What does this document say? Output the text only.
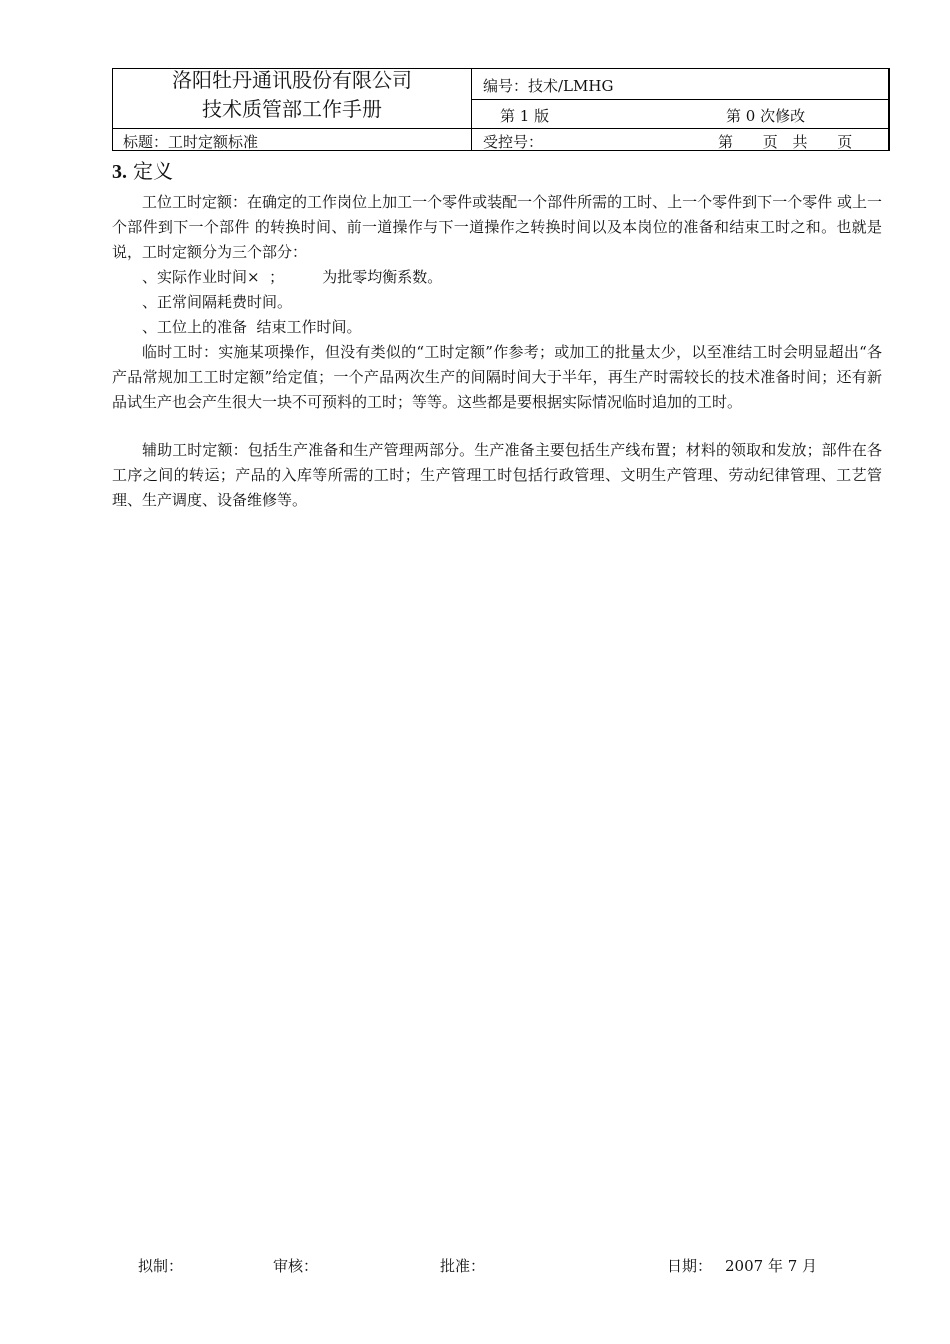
洛阳牡丹通讯股份有限公司
技术质管部工作手册
编号：技术/LMHG
第 1 版	第 0 次修改
标题：工时定额标准	受控号：	第　 页 共　 页
3. 定义

工位工时定额：在确定的工作岗位上加工一个零件或装配一个部件所需的工时、上一个零件到下一个零件 或上一个部件到下一个部件 的转换时间、前一道操作与下一道操作之转换时间以及本岗位的准备和结束工时之和。也就是说，工时定额分为三个部分：

、实际作业时间×  ；        为批零均衡系数。

、正常间隔耗费时间。

、工位上的准备  结束工作时间。

临时工时：实施某项操作，但没有类似的“工时定额”作参考；或加工的批量太少，以至准结工时会明显超出“各产品常规加工工时定额”给定值；一个产品两次生产的间隔时间大于半年，再生产时需较长的技术准备时间；还有新品试生产也会产生很大一块不可预料的工时；等等。这些都是要根据实际情况临时追加的工时。

辅助工时定额：包括生产准备和生产管理两部分。生产准备主要包括生产线布置；材料的领取和发放；部件在各工序之间的转运；产品的入库等所需的工时；生产管理工时包括行政管理、文明生产管理、劳动纪律管理、工艺管理、生产调度、设备维修等。

拟制：	审核：	批准：	日期： 2007 年 7 月
